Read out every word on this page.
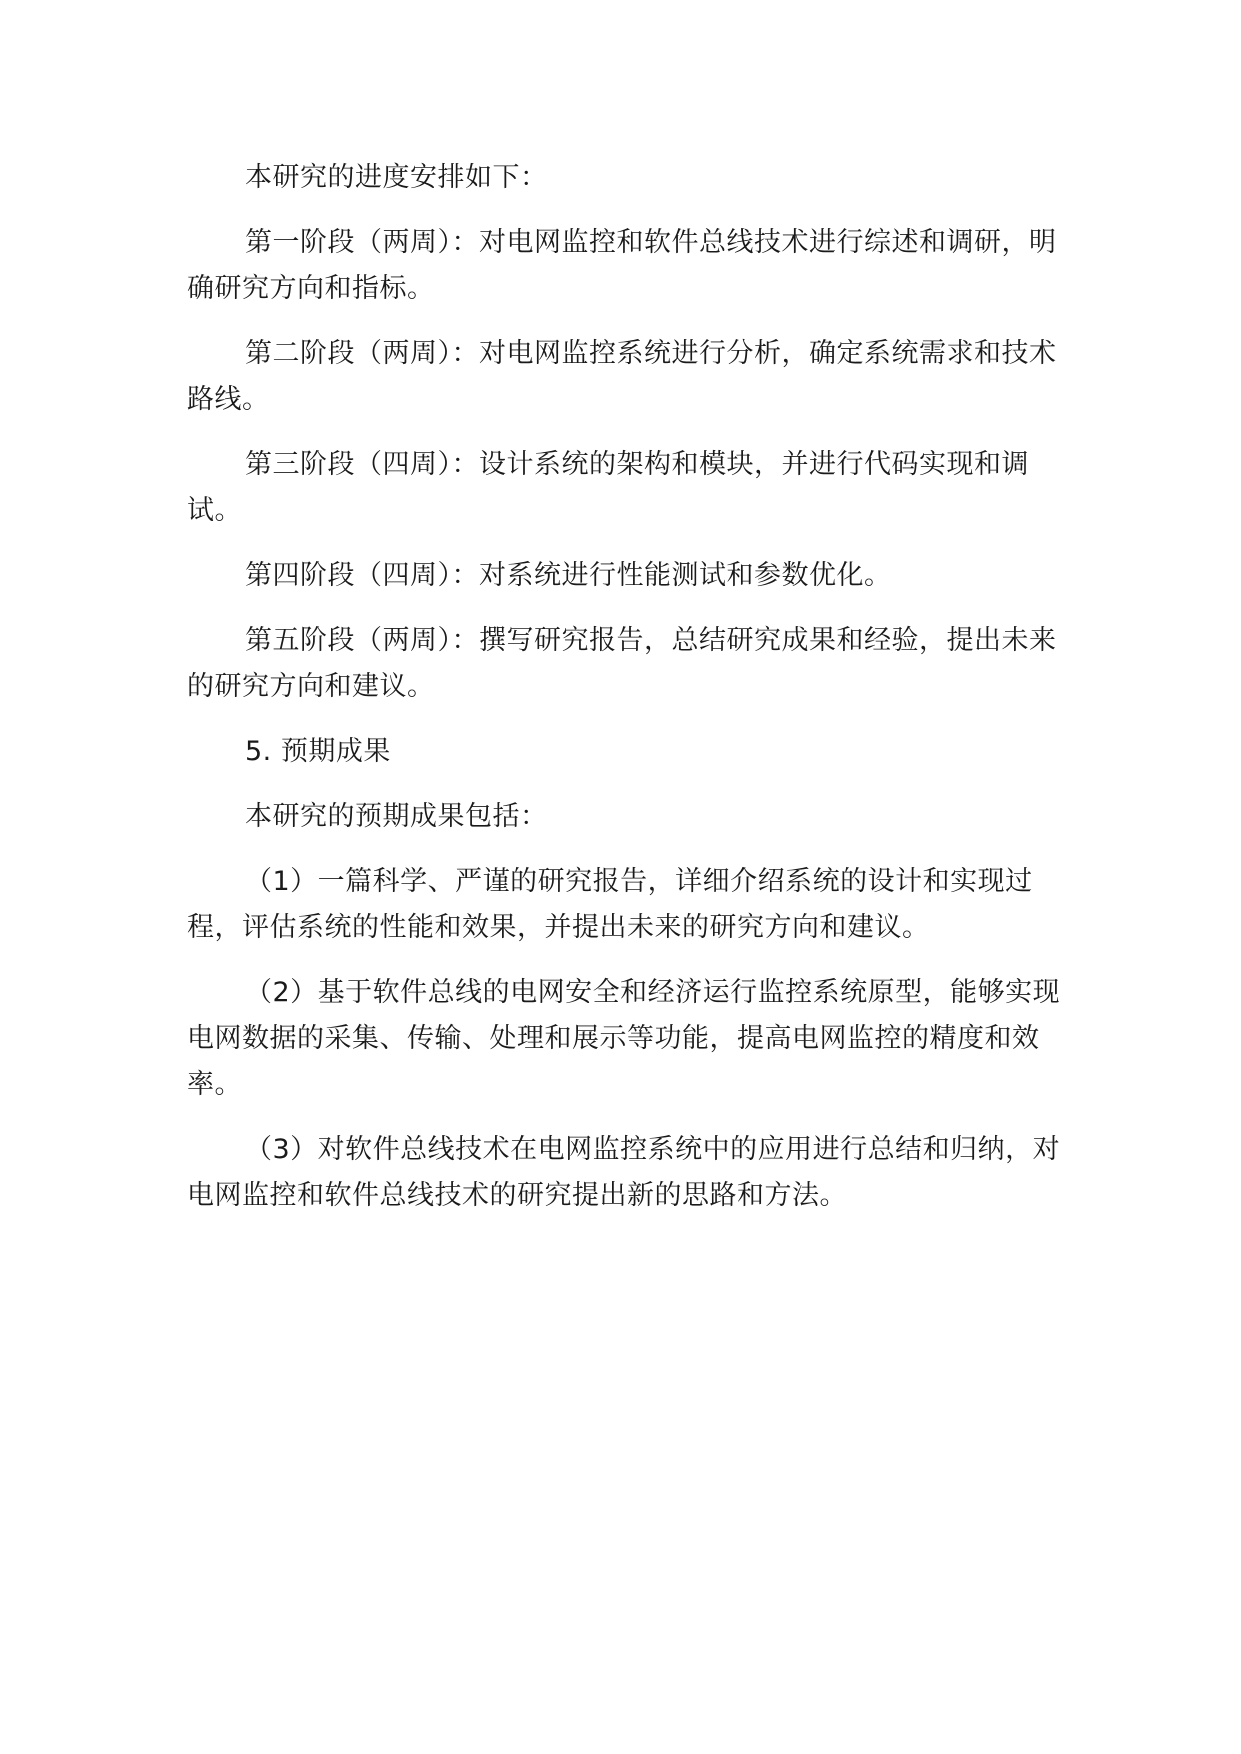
本研究的进度安排如下：

第一阶段（两周）：对电网监控和软件总线技术进行综述和调研，明确研究方向和指标。

第二阶段（两周）：对电网监控系统进行分析，确定系统需求和技术路线。

第三阶段（四周）：设计系统的架构和模块，并进行代码实现和调试。

第四阶段（四周）：对系统进行性能测试和参数优化。

第五阶段（两周）：撰写研究报告，总结研究成果和经验，提出未来的研究方向和建议。

5. 预期成果

本研究的预期成果包括：

（1）一篇科学、严谨的研究报告，详细介绍系统的设计和实现过程，评估系统的性能和效果，并提出未来的研究方向和建议。

（2）基于软件总线的电网安全和经济运行监控系统原型，能够实现电网数据的采集、传输、处理和展示等功能，提高电网监控的精度和效率。

（3）对软件总线技术在电网监控系统中的应用进行总结和归纳，对电网监控和软件总线技术的研究提出新的思路和方法。
